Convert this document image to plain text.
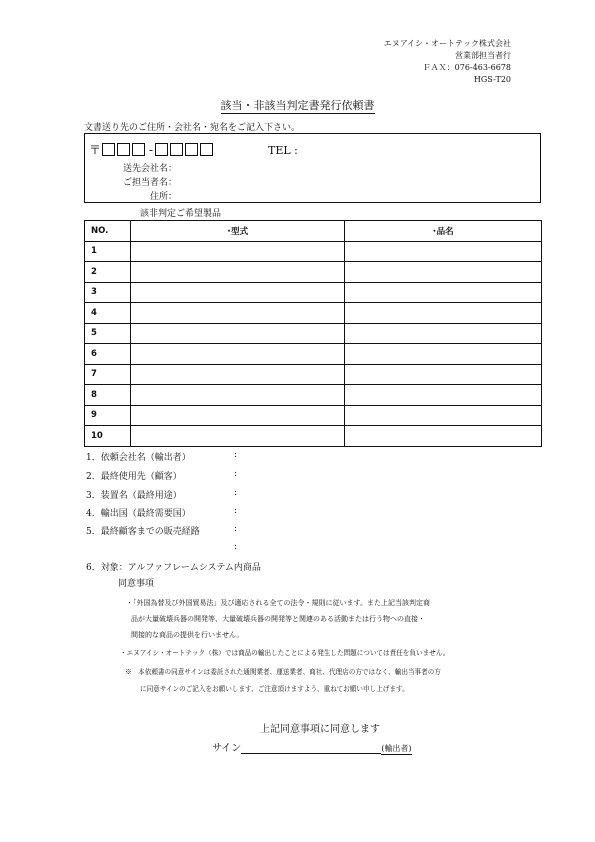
エヌアイシ・オートテック株式会社
営業部担当者行
ＦＡＸ：076-463-6678
HGS-T20
該当・非該当判定書発行依頼書
文書送り先のご住所・会社名・宛名をご記入下さい。
〒	-	TEL :
送先会社名：
ご担当者名：
住所：
該非判定ご希望製品
NO.	･型式	･品名
1		
2		
3		
4		
5		
6		
7		
8		
9		
10		
1．依頼会社名（輸出者）	:
2．最終使用先（顧客）	:
3．装置名（最終用途）	:
4．輸出国（最終需要国）	:
5．最終顧客までの販売経路	:
:
6．対象：アルファフレームシステム内商品
同意事項
・「外国為替及び外国貿易法」及び適応される全ての法令・規則に従います。また上記当該判定商
品が大量破壊兵器の開発等、大量破壊兵器の開発等と関連のある活動または行う物への直接・
間接的な商品の提供を行いません。
・エヌアイシ・オートテック（株）では商品の輸出したことによる発生した問題については責任を負いません。
※　本依頼書の同意サインは委託された通関業者、運送業者、商社、代理店の方ではなく、輸出当事者の方
に同意サインのご記入をお願いします、ご注意頂けますよう、重ねてお願い申し上げます。
上記同意事項に同意します
サイン	(輸出者)
